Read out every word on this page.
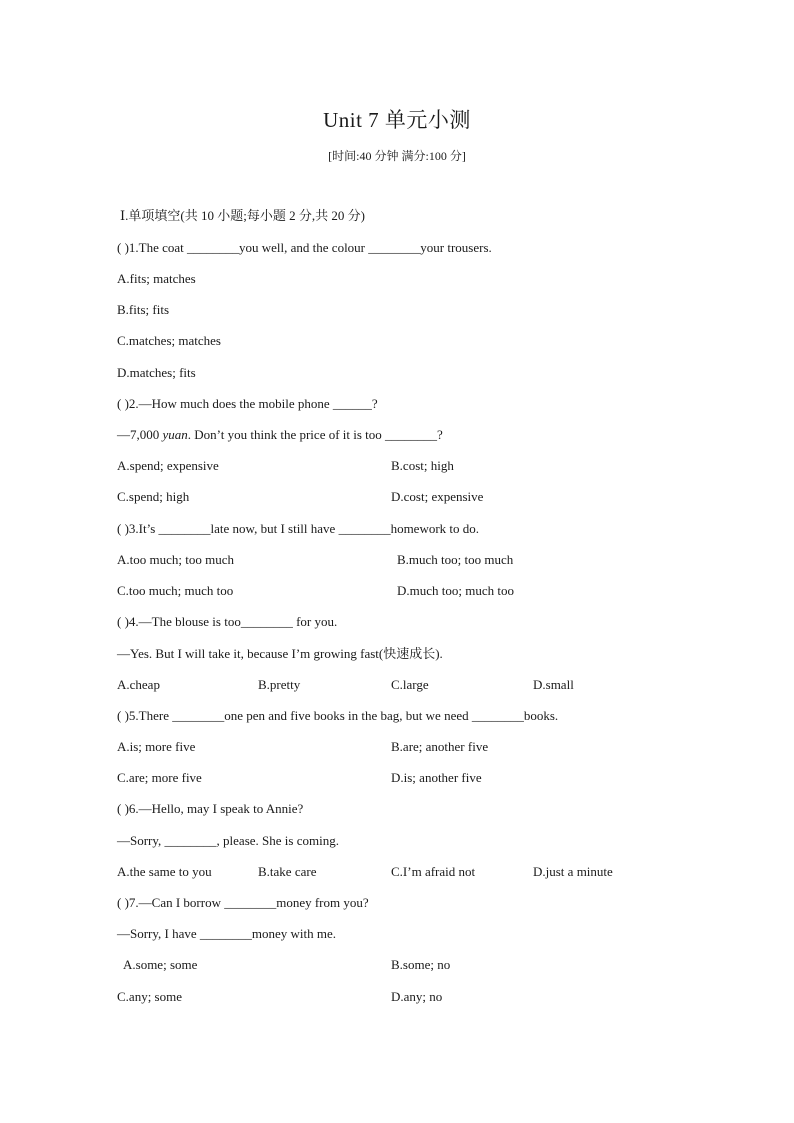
Unit 7 单元小测
[时间:40 分钟 满分:100 分]
Ⅰ.单项填空(共 10 小题;每小题 2 分,共 20 分)
( )1.The coat ________you well, and the colour ________your trousers.
A.fits; matches
B.fits; fits
C.matches; matches
D.matches; fits
( )2.—How much does the mobile phone ______?
—7,000 yuan. Don’t you think the price of it is too ________?
A.spend; expensive	B.cost; high
C.spend; high	D.cost; expensive
( )3.It’s ________late now, but I still have ________homework to do.
A.too much; too much	B.much too; too much
C.too much; much too	D.much too; much too
( )4.—The blouse is too________ for you.
—Yes. But I will take it, because I’m growing fast(快速成长).
A.cheap	B.pretty	C.large	D.small
( )5.There ________one pen and five books in the bag, but we need ________books.
A.is; more five	B.are; another five
C.are; more five	D.is; another five
( )6.—Hello, may I speak to Annie?
—Sorry, ________, please. She is coming.
A.the same to you	B.take care	C.I’m afraid not	D.just a minute
( )7.—Can I borrow ________money from you?
—Sorry, I have ________money with me.
A.some; some	B.some; no
C.any; some	D.any; no
